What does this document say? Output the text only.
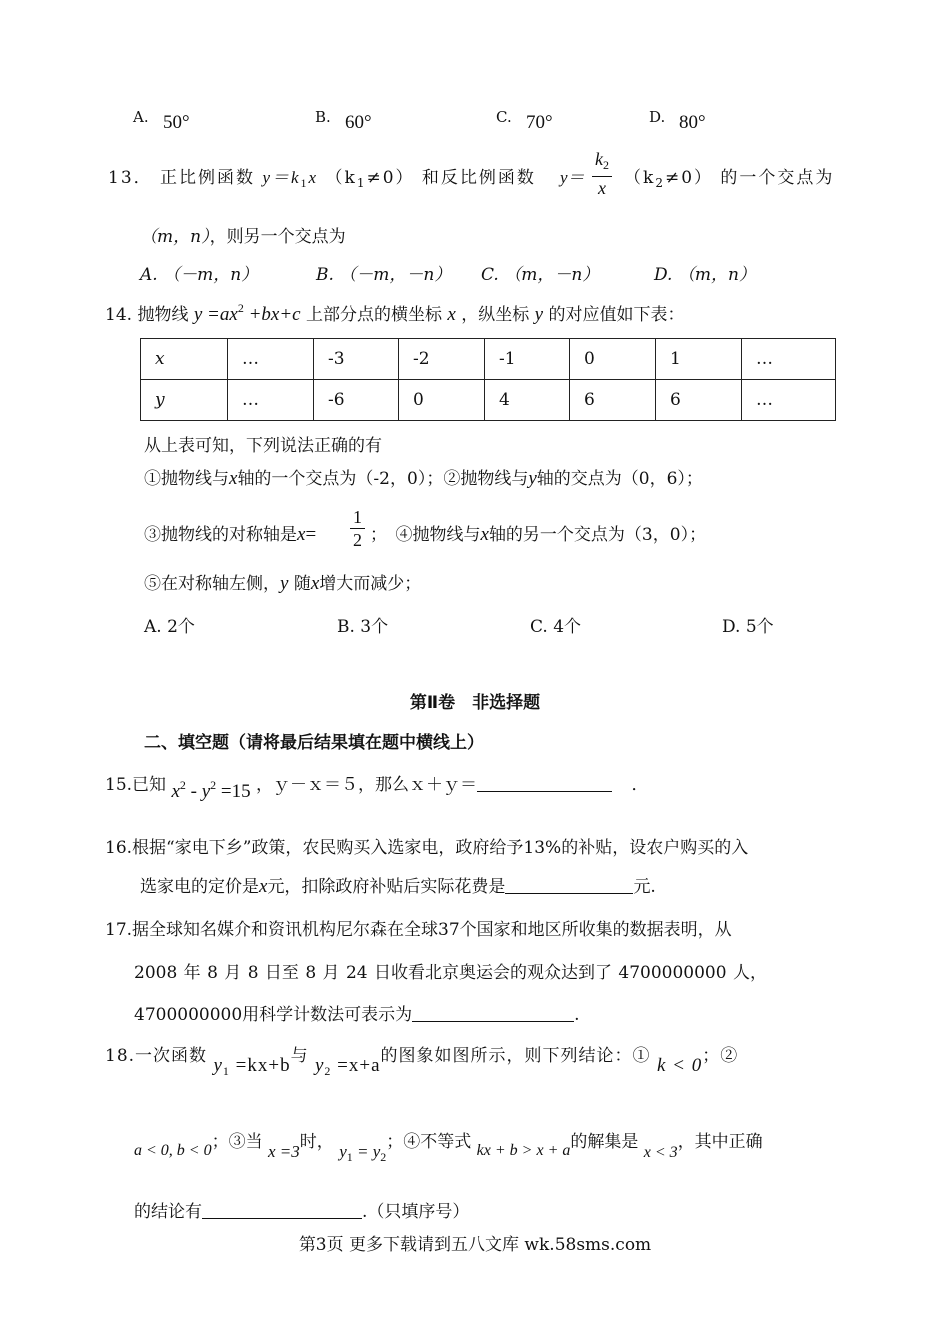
A. 50°	B. 60°	C. 70°	D. 80°
13． 正比例函数 $y=k_1x$ $(k_1\ne 0)$ 和反比例函数 $y= \frac{k_2}{x} (k_2\ne 0)$ 的一个交点为
（m，n），则另一个交点为
A. （－m，n）	B. （－m，－n） C. （m，－n）	D. （m，n）
14. 抛物线 $y =ax^2 +bx+c$ 上部分点的横坐标 x ，纵坐标 y 的对应值如下表：
x	…	-3	-2	-1	0	1	…
y	…	-6	0	4	6	6	…
从上表可知，下列说法正确的有
①抛物线与x轴的一个交点为（-2，0）；②抛物线与y轴的交点为（0，6）；
③抛物线的对称轴是$x= \frac{1}{2}$ ；　④抛物线与x轴的另一个交点为（3，0）；
⑤在对称轴左侧，y 随x增大而减少；
A. 2个	B. 3个	C. 4个	D. 5个
第Ⅱ卷　非选择题
二、填空题（请将最后结果填在题中横线上）
15.已知 $x^2 - y^2 =15$ ，ｙ－ｘ＝５，那么ｘ＋ｙ＝	．
16.根据“家电下乡”政策，农民购买入选家电，政府给予13%的补贴，设农户购买的入
选家电的定价是x元，扣除政府补贴后实际花费是	元.
17.据全球知名媒介和资讯机构尼尔森在全球37个国家和地区所收集的数据表明，从
2008 年 8 月 8 日至 8 月 24 日收看北京奥运会的观众达到了 4700000000 人，
4700000000用科学计数法可表示为	.
18.一次函数 $y_1 =kx+b$与 $y_2 =x+a$的图象如图所示，则下列结论：① k < 0；②
a < 0, b < 0；③当 x =3时， $y_1 = y_2$；④不等式 kx + b > x + a的解集是 x < 3，其中正确
的结论有	.（只填序号）
第3页 更多下载请到五八文库 wk.58sms.com
